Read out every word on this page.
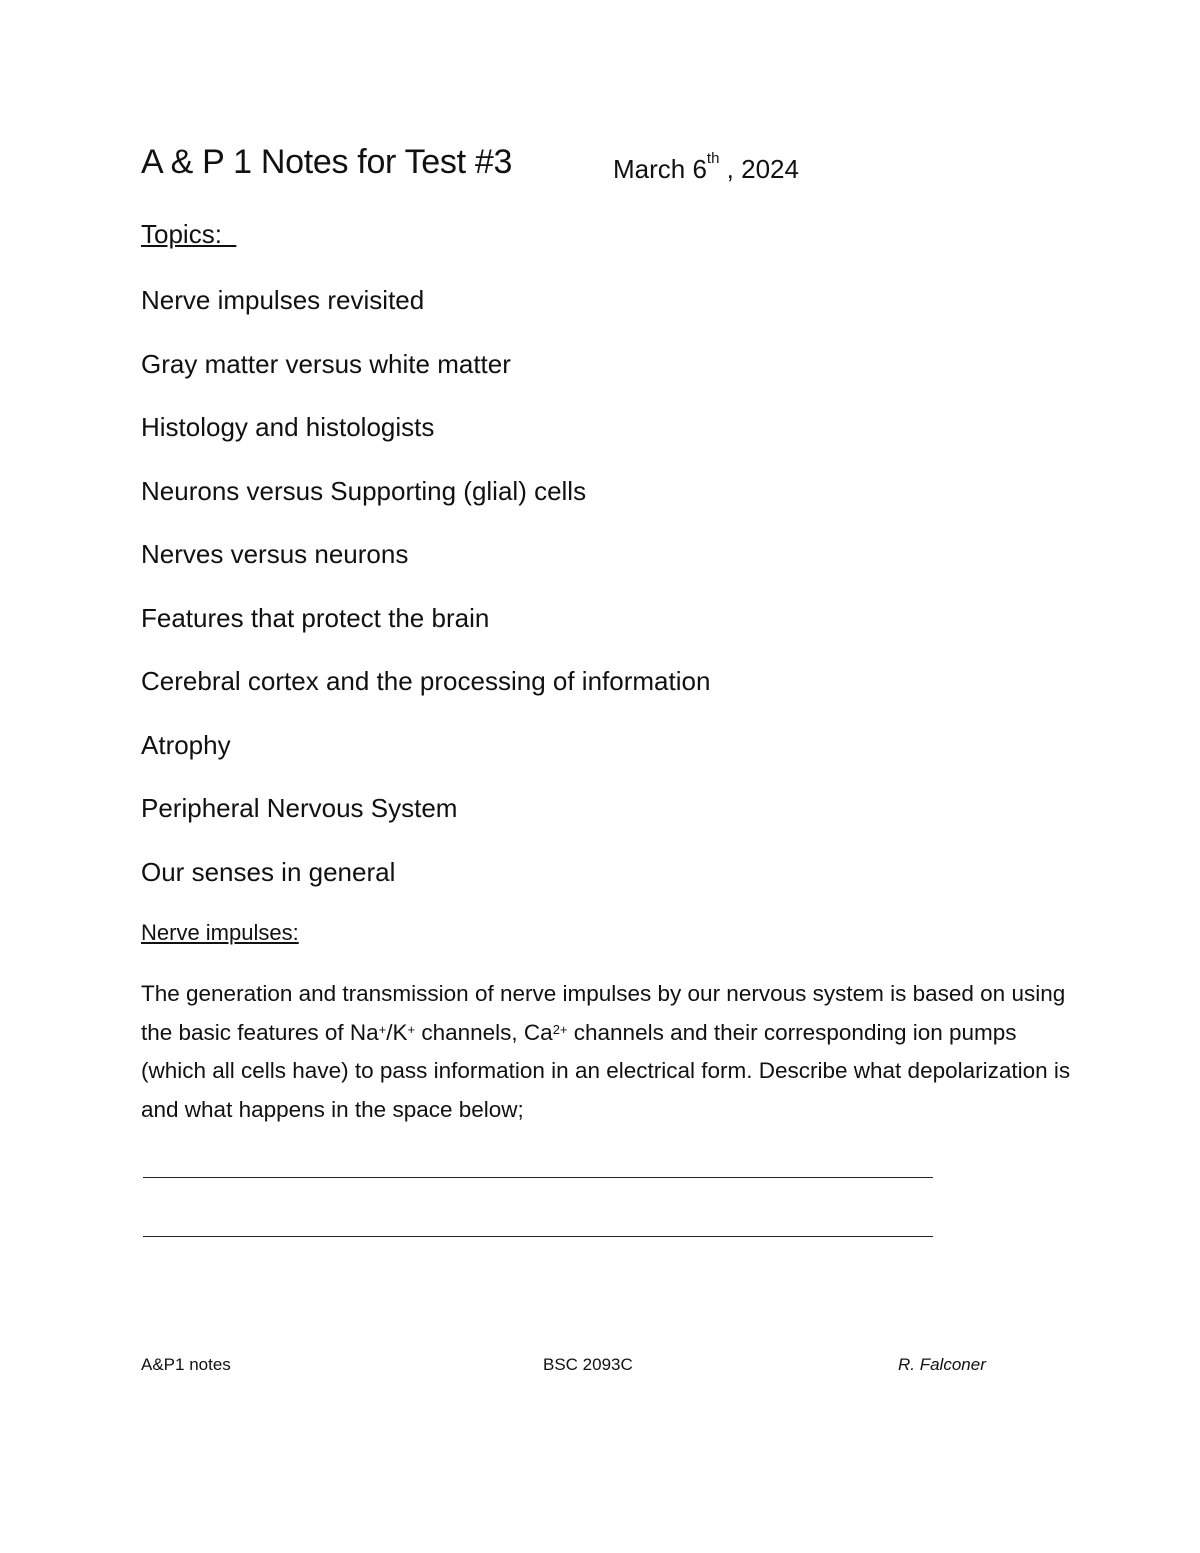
A & P 1 Notes for Test #3	March 6th , 2024
Topics:
Nerve impulses revisited
Gray matter versus white matter
Histology and histologists
Neurons versus Supporting (glial) cells
Nerves versus neurons
Features that protect the brain
Cerebral cortex and the processing of information
Atrophy
Peripheral Nervous System
Our senses in general
Nerve impulses:

The generation and transmission of nerve impulses by our nervous system is based on using the basic features of Na+/K+ channels, $Ca^{2+}$ channels and their corresponding ion pumps (which all cells have) to pass information in an electrical form. Describe what depolarization is and what happens in the space below;

A&P1 notes	BSC 2093C	R. Falconer
